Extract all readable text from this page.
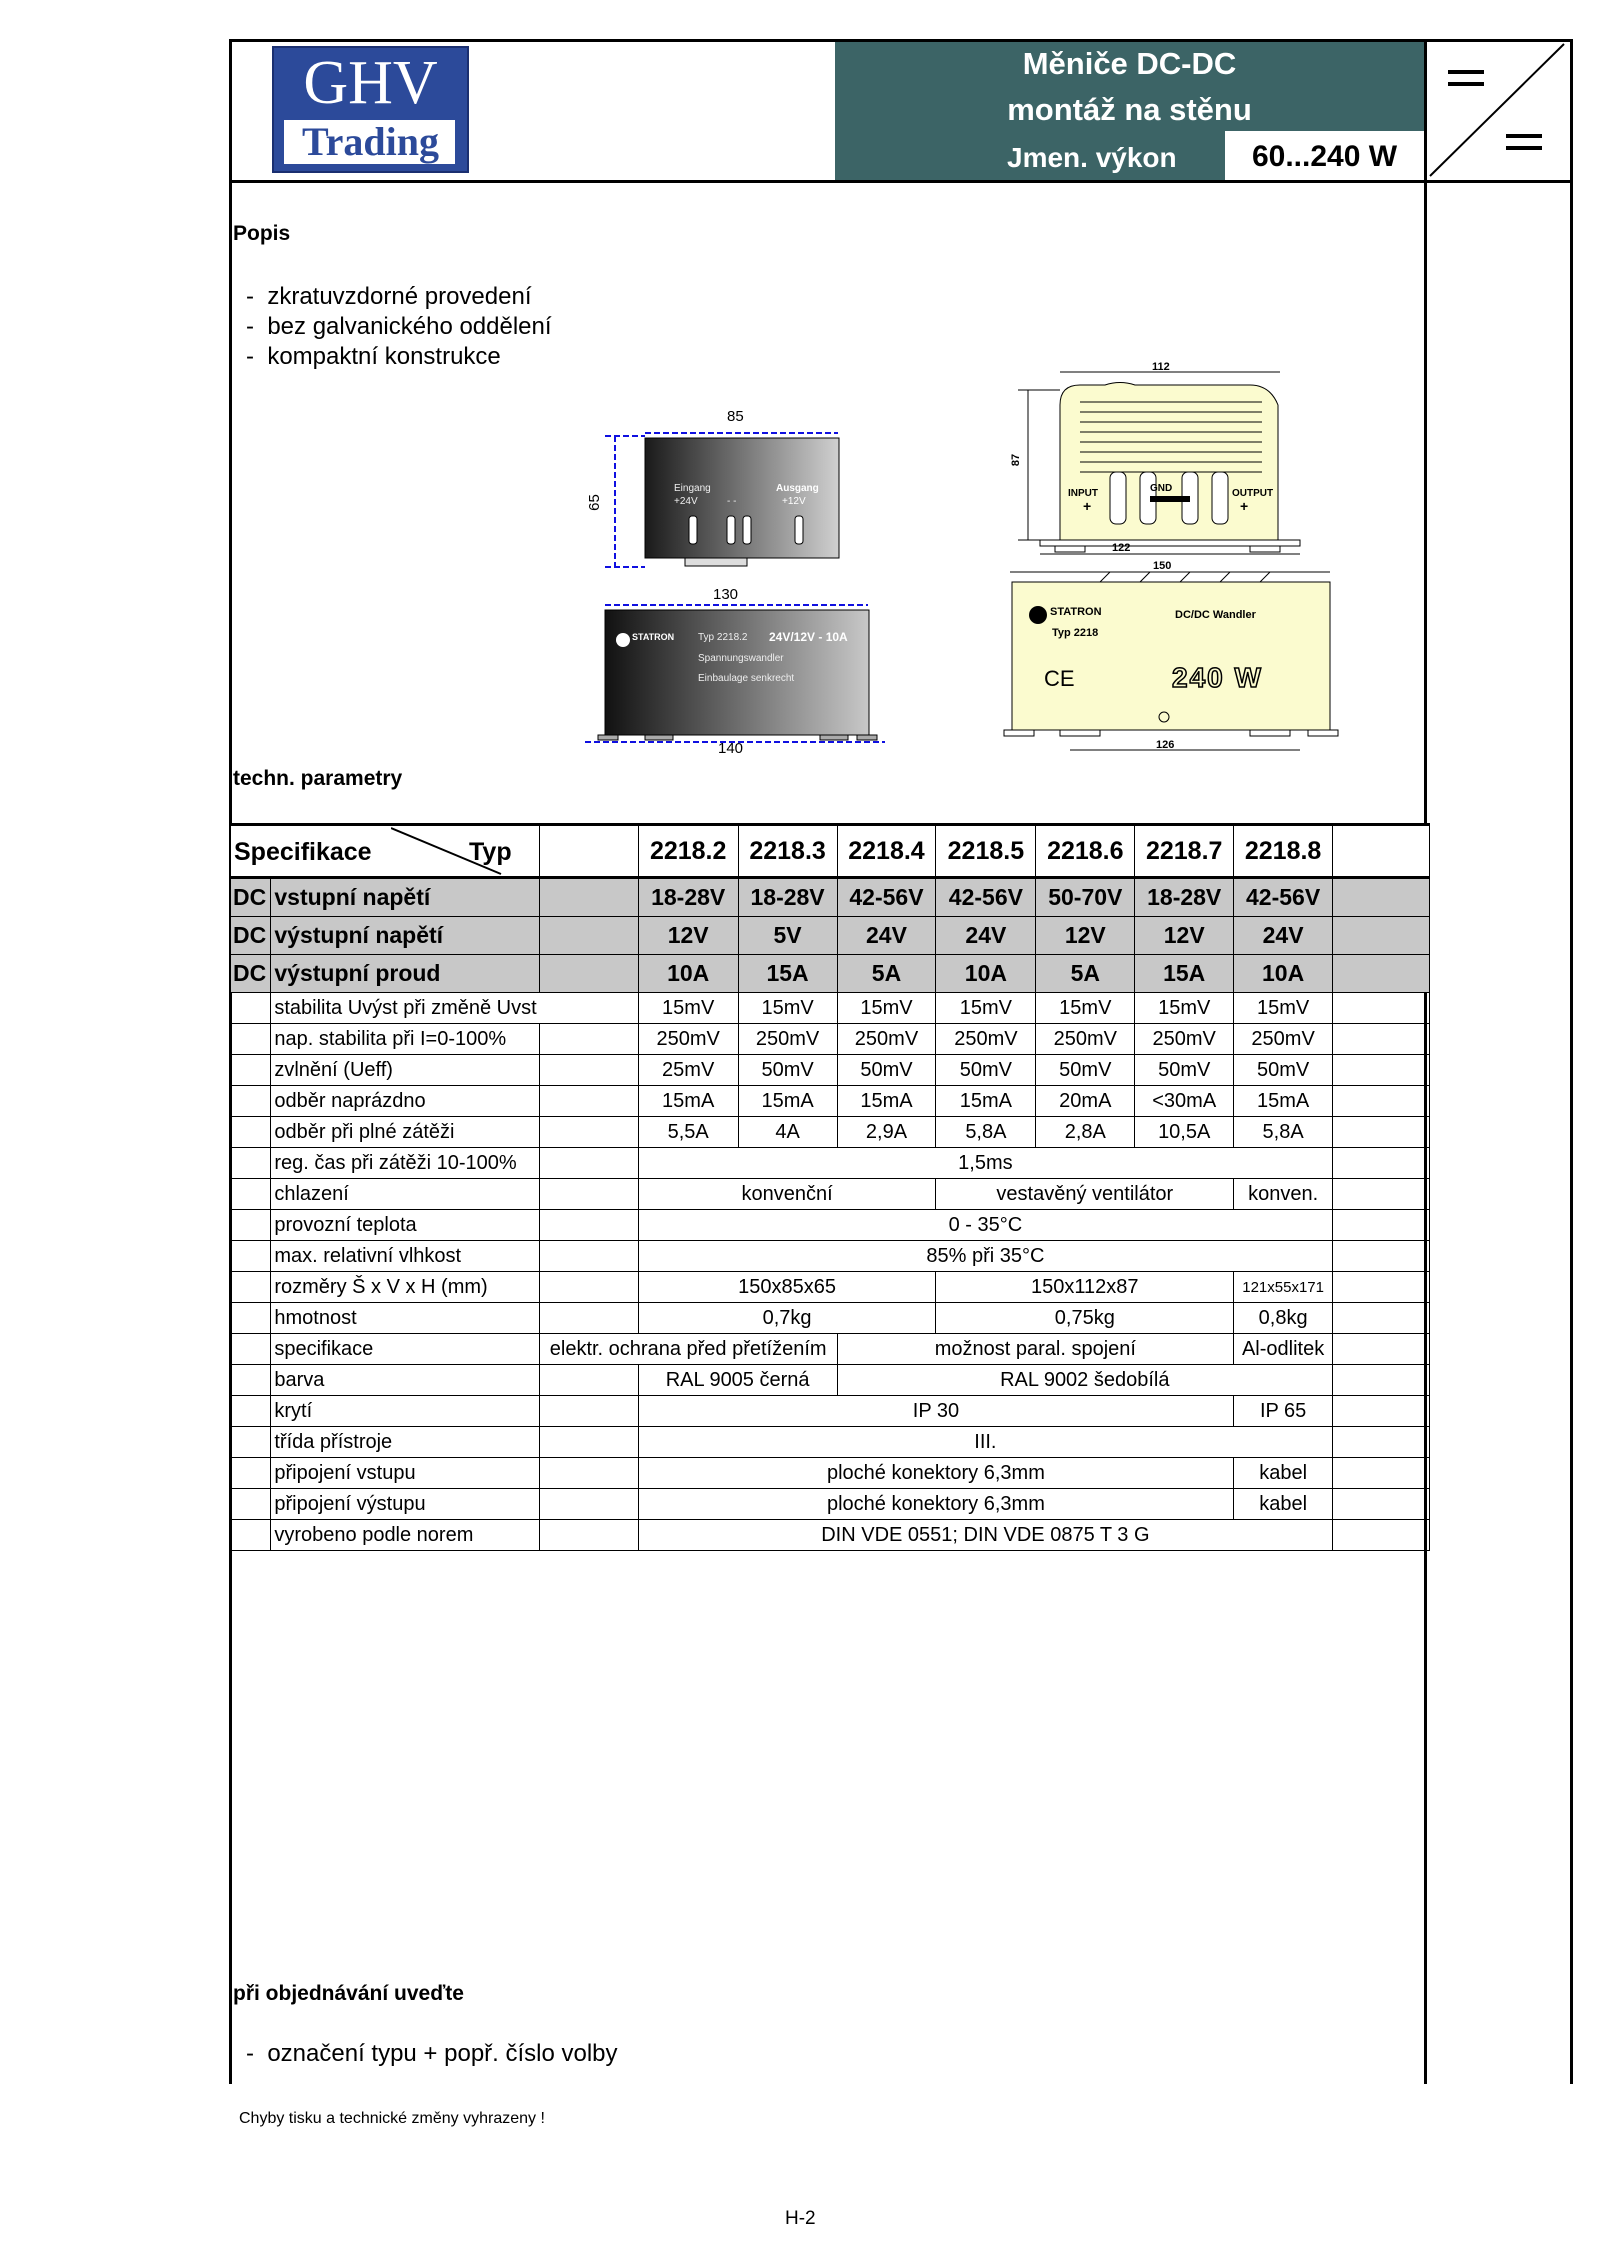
GHV
Trading
Měniče DC-DC
montáž na stěnu
Jmen. výkon	60...240 W
Popis
-  zkratuvzdorné provedení
-  bez galvanického oddělení
-  kompaktní konstrukce
85
65
Eingang
+24V	- -
Ausgang
+12V
130
STATRON Typ 2218.2 24V/12V - 10A
Spannungswandler
Einbaulage senkrecht
140
112
87
INPUT
+
GND	OUTPUT
+
122
150
STATRON
Typ 2218
DC/DC Wandler
CE	240 W
126
techn. parametry
Specifikace Typ			2218.2	2218.3	2218.4	2218.5	2218.6	2218.7	2218.8	
DC	vstupní napětí		18-28V	18-28V	42-56V	42-56V	50-70V	18-28V	42-56V	
DC	výstupní napětí		12V	5V	24V	24V	12V	12V	24V	
DC	výstupní proud		10A	15A	5A	10A	5A	15A	10A	
	stabilita Uvýst při změně Uvst		15mV	15mV	15mV	15mV	15mV	15mV	15mV	
	nap. stabilita při I=0-100%		250mV	250mV	250mV	250mV	250mV	250mV	250mV	
	zvlnění (Ueff)		25mV	50mV	50mV	50mV	50mV	50mV	50mV	
	odběr naprázdno		15mA	15mA	15mA	15mA	20mA	<30mA	15mA	
	odběr při plné zátěži		5,5A	4A	2,9A	5,8A	2,8A	10,5A	5,8A	
	reg. čas při zátěži 10-100%		1,5ms							
	chlazení		konvenční			vestavěný ventilátor			konven.	
	provozní teplota		0 - 35°C							
	max. relativní vlhkost		85% při 35°C							
	rozměry Š x V x H (mm)		150x85x65			150x112x87			121x55x171	
	hmotnost		0,7kg			0,75kg			0,8kg	
	specifikace	elektr. ochrana před přetížením			možnost paral. spojení				Al-odlitek	
	barva		RAL 9005 černá		RAL 9002 šedobílá					
	krytí		IP 30						IP 65	
	třída přístroje		III.							
	připojení vstupu		ploché konektory 6,3mm						kabel	
	připojení výstupu		ploché konektory 6,3mm						kabel	
	vyrobeno podle norem		DIN VDE 0551; DIN VDE 0875 T 3 G							
při objednávání uveďte
-  označení typu + popř. číslo volby
Chyby tisku a technické změny vyhrazeny !
H-2
